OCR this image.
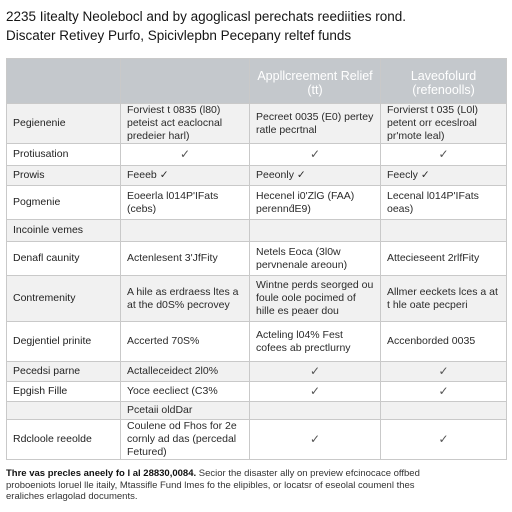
2235 Iitealty Neolebocl and by agoglicasl perechats reediities rond.
Discater Retivey Purfo, Spicivlepbn Pecepany reltef funds
		Appllcreement Relief (tt)	Laveofolurd (refenoolls)
Pegienenie	Forviest t 0835 (l80) peteist act eaclocnal predeier harl)	Pecreet 0035 (E0) pertey ratle pecrtnal	Forvierst t 035 (L0l) petent orr eceslroal pr'mote leal)
Protiusation	✓	✓	✓
Prowis	Feeeb ✓	Peeonly ✓	Feecly ✓
Pogmenie	Eoeerla l014P'IFats (cebs)	Hecenel i0'ZlG (FAA) perennd́E9)	Lecenal l014P'IFats oeas)
Incoinle vemes			
Denafl caunity	Actenlesent 3'JfFity	Netels Eoca (3l0w pervnenale areoun)	Attecieseent 2rlfFity
Contremenity	A hile as erdraess ltes a at the d0S% pecrovey	Wintne perds seorged ou foule oole pocimed of hille es peaer dou	Allmer eeckets lces a at t hle oate pecperi
Degjentiel prinite	Accerted 70S%	Acteling l04% Fest cofees ab prectlurny	Accenborded 0035
Pecedsi parne	Actalleceidect 2l0%	✓	✓
Epgish Fille	Yoce eecliect (C3%	✓	✓
	Pcetaii oldDar		
Rdcloole reeolde	Coulene od Fhos for 2e cornly ad das (percedal Fetured)	✓	✓
Thre vas precles aneely fo l al 28830,0084. Secior the disaster ally on preview efcinocace offbed
proboeniots loruel lle itaily, Mtassifle Fund lmes fo the elipibles, or locatsr of eseolal coumenl thes
eraliches erlagolad documents.
